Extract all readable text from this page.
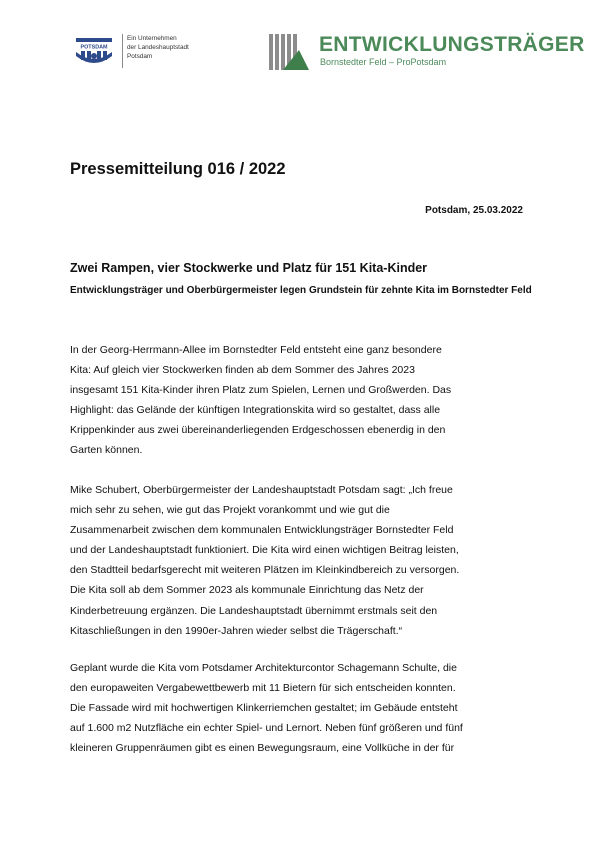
POTSDAM
Ein Unternehmen
der Landeshauptstadt
Potsdam
ENTWICKLUNGSTRÄGER
Bornstedter Feld – ProPotsdam
Pressemitteilung 016 / 2022
Potsdam, 25.03.2022
Zwei Rampen, vier Stockwerke und Platz für 151 Kita-Kinder
Entwicklungsträger und Oberbürgermeister legen Grundstein für zehnte Kita im Bornstedter Feld
In der Georg-Herrmann-Allee im Bornstedter Feld entsteht eine ganz besondere
Kita: Auf gleich vier Stockwerken finden ab dem Sommer des Jahres 2023
insgesamt 151 Kita-Kinder ihren Platz zum Spielen, Lernen und Großwerden. Das
Highlight: das Gelände der künftigen Integrationskita wird so gestaltet, dass alle
Krippenkinder aus zwei übereinanderliegenden Erdgeschossen ebenerdig in den
Garten können.
Mike Schubert, Oberbürgermeister der Landeshauptstadt Potsdam sagt: „Ich freue
mich sehr zu sehen, wie gut das Projekt vorankommt und wie gut die
Zusammenarbeit zwischen dem kommunalen Entwicklungsträger Bornstedter Feld
und der Landeshauptstadt funktioniert. Die Kita wird einen wichtigen Beitrag leisten,
den Stadtteil bedarfsgerecht mit weiteren Plätzen im Kleinkindbereich zu versorgen.
Die Kita soll ab dem Sommer 2023 als kommunale Einrichtung das Netz der
Kinderbetreuung ergänzen. Die Landeshauptstadt übernimmt erstmals seit den
Kitaschließungen in den 1990er-Jahren wieder selbst die Trägerschaft.“
Geplant wurde die Kita vom Potsdamer Architekturcontor Schagemann Schulte, die
den europaweiten Vergabewettbewerb mit 11 Bietern für sich entscheiden konnten.
Die Fassade wird mit hochwertigen Klinkerriemchen gestaltet; im Gebäude entsteht
auf 1.600 m2 Nutzfläche ein echter Spiel- und Lernort. Neben fünf größeren und fünf
kleineren Gruppenräumen gibt es einen Bewegungsraum, eine Vollküche in der für
